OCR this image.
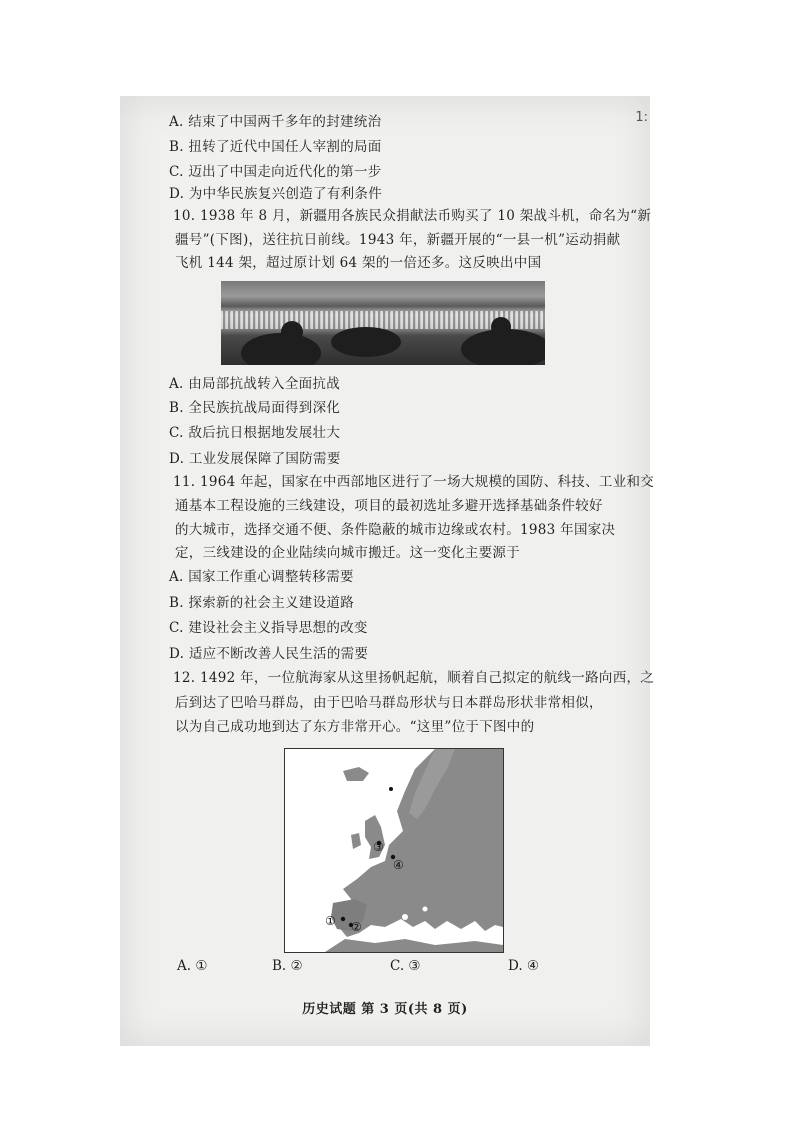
1:
A. 结束了中国两千多年的封建统治
B. 扭转了近代中国任人宰割的局面
C. 迈出了中国走向近代化的第一步
D. 为中华民族复兴创造了有利条件
10. 1938 年 8 月，新疆用各族民众捐献法币购买了 10 架战斗机，命名为“新
疆号”(下图)，送往抗日前线。1943 年，新疆开展的“一县一机”运动捐献
飞机 144 架，超过原计划 64 架的一倍还多。这反映出中国
A. 由局部抗战转入全面抗战
B. 全民族抗战局面得到深化
C. 敌后抗日根据地发展壮大
D. 工业发展保障了国防需要
11. 1964 年起，国家在中西部地区进行了一场大规模的国防、科技、工业和交
通基本工程设施的三线建设，项目的最初选址多避开选择基础条件较好
的大城市，选择交通不便、条件隐蔽的城市边缘或农村。1983 年国家决
定，三线建设的企业陆续向城市搬迁。这一变化主要源于
A. 国家工作重心调整转移需要
B. 探索新的社会主义建设道路
C. 建设社会主义指导思想的改变
D. 适应不断改善人民生活的需要
12. 1492 年，一位航海家从这里扬帆起航，顺着自己拟定的航线一路向西，之
后到达了巴哈马群岛，由于巴哈马群岛形状与日本群岛形状非常相似，
以为自己成功地到达了东方非常开心。“这里”位于下图中的
① ②
③
④
A. ①	B. ②	C. ③	D. ④
历史试题 第 3 页(共 8 页)
